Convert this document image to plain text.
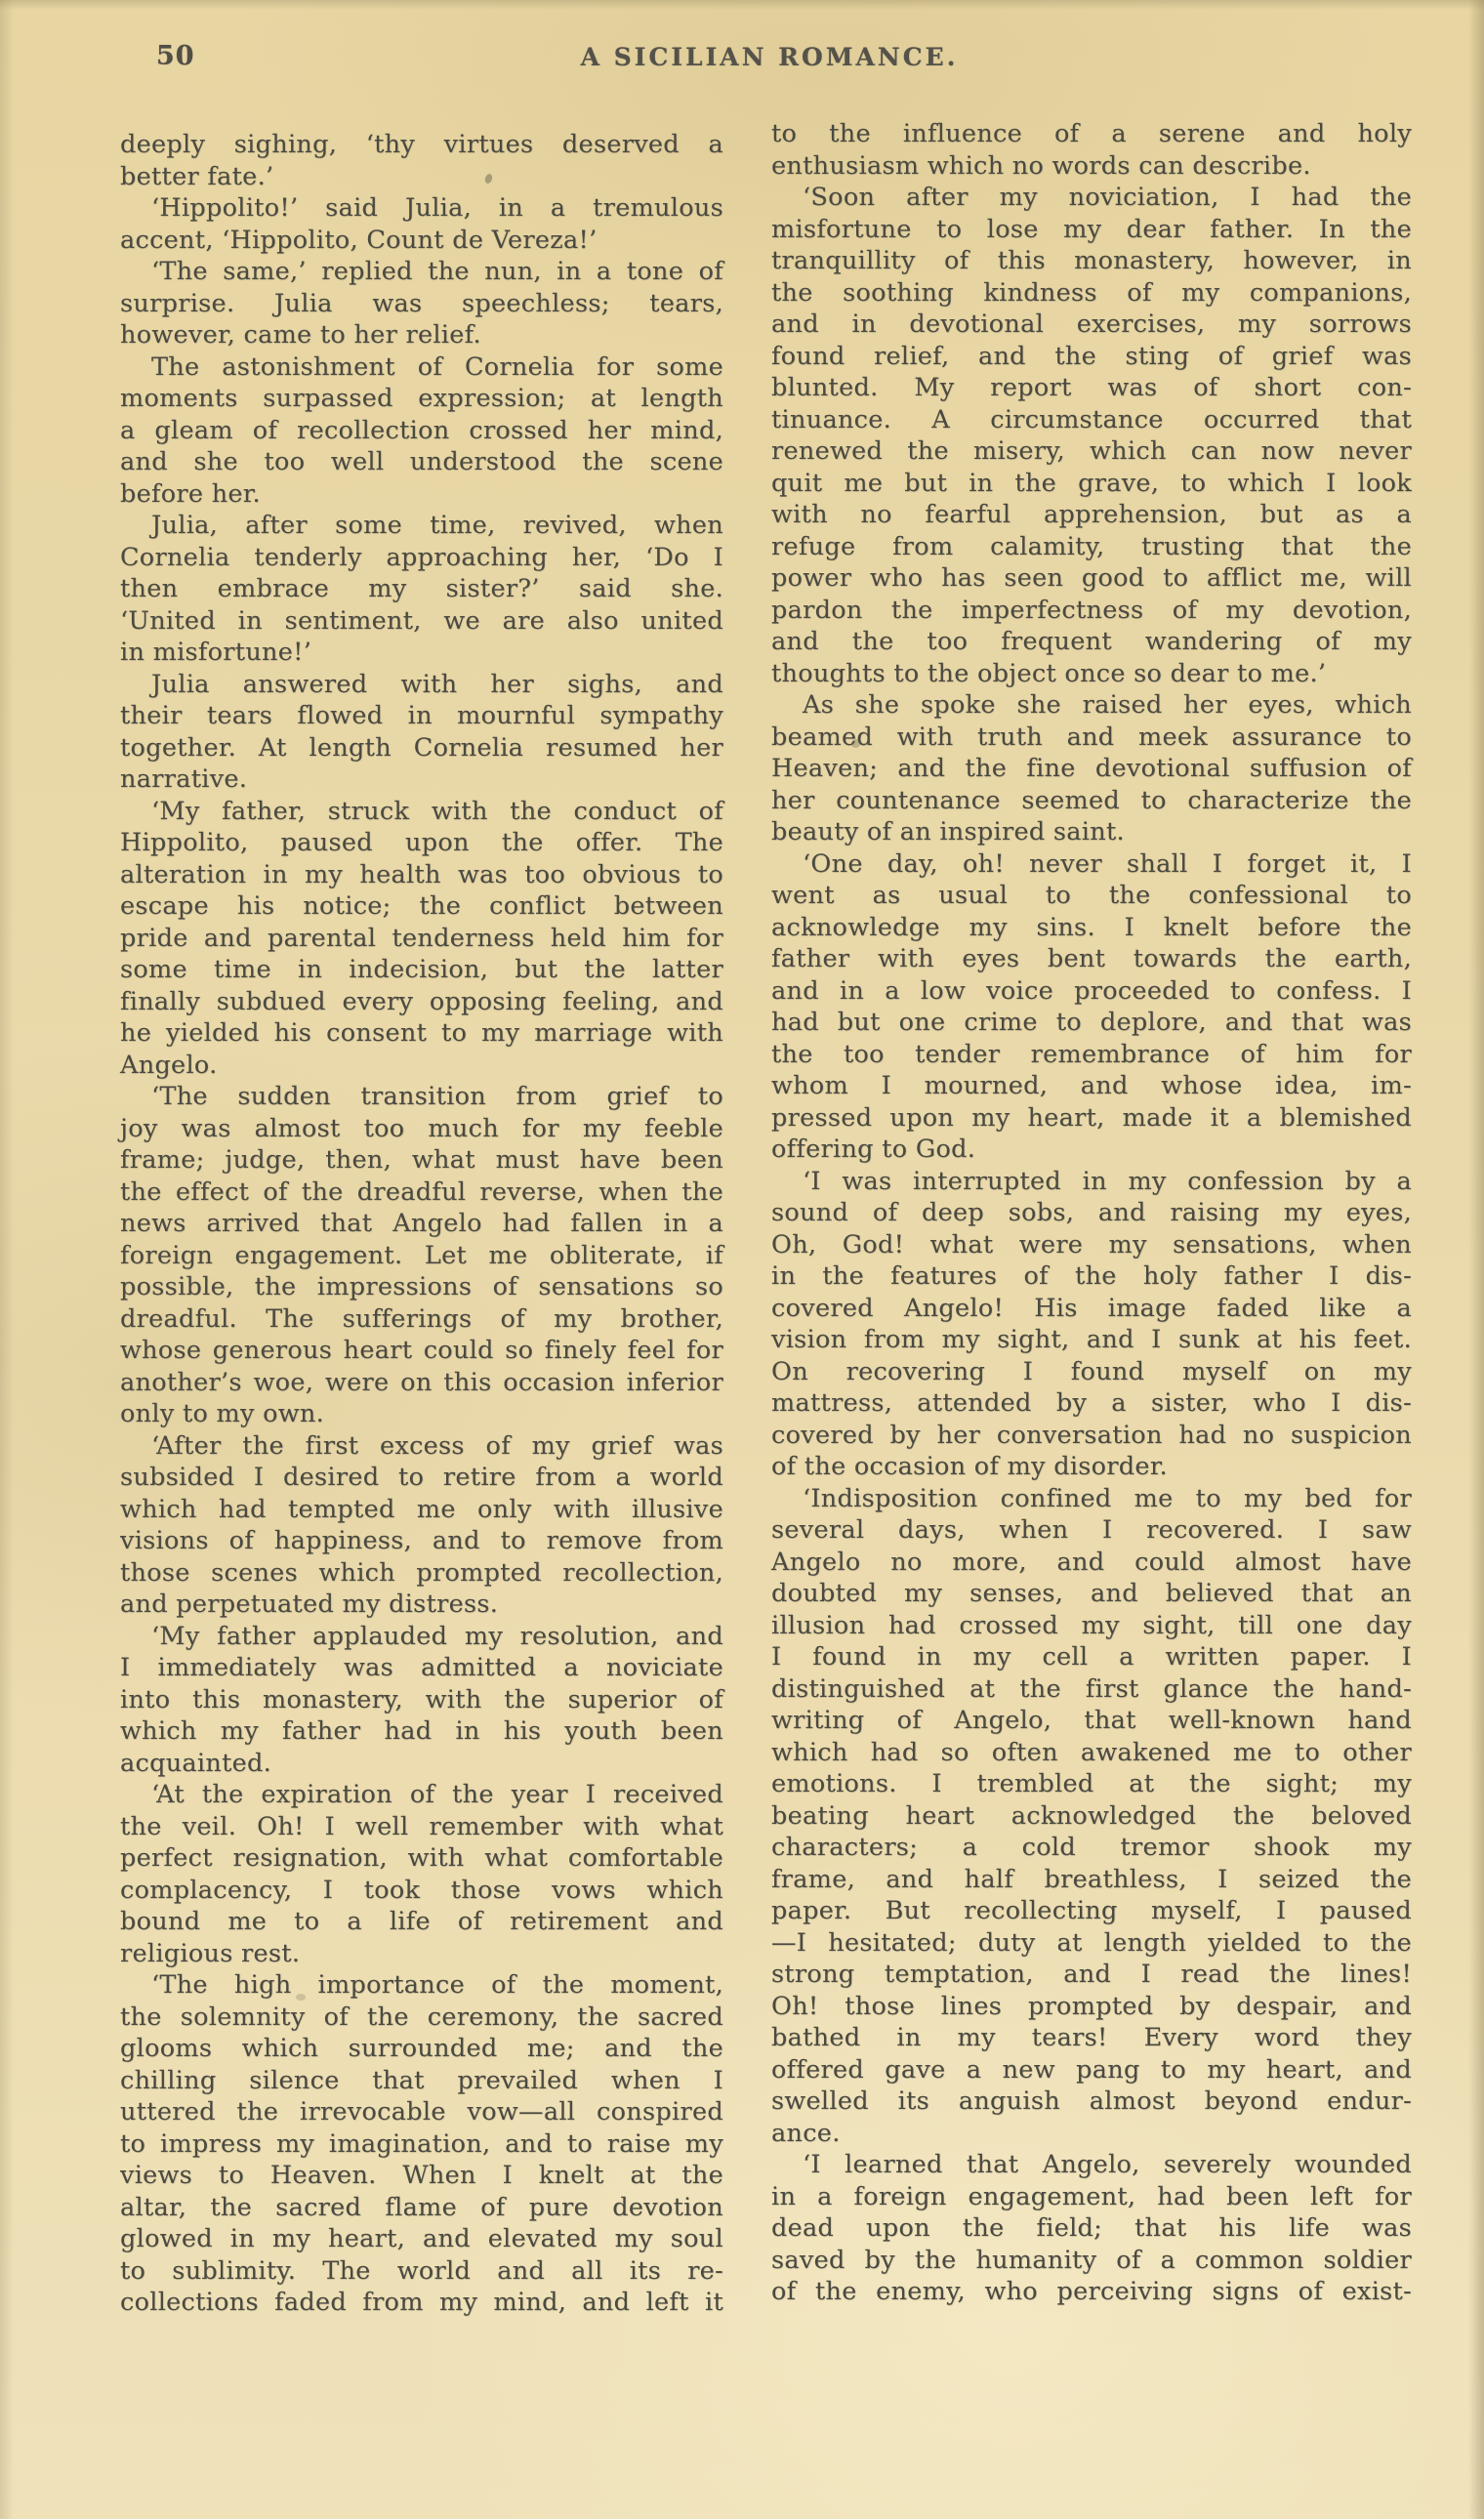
50	A SICILIAN ROMANCE.
deeply sighing, ‘thy virtues deserved a
better fate.’
‘Hippolito!’ said Julia, in a tremulous
accent, ‘Hippolito, Count de Vereza!’
‘The same,’ replied the nun, in a tone of
surprise. Julia was speechless; tears,
however, came to her relief.
The astonishment of Cornelia for some
moments surpassed expression; at length
a gleam of recollection crossed her mind,
and she too well understood the scene
before her.
Julia, after some time, revived, when
Cornelia tenderly approaching her, ‘Do I
then embrace my sister?’ said she.
‘United in sentiment, we are also united
in misfortune!’
Julia answered with her sighs, and
their tears flowed in mournful sympathy
together. At length Cornelia resumed her
narrative.
‘My father, struck with the conduct of
Hippolito, paused upon the offer. The
alteration in my health was too obvious to
escape his notice; the conflict between
pride and parental tenderness held him for
some time in indecision, but the latter
finally subdued every opposing feeling, and
he yielded his consent to my marriage with
Angelo.
‘The sudden transition from grief to
joy was almost too much for my feeble
frame; judge, then, what must have been
the effect of the dreadful reverse, when the
news arrived that Angelo had fallen in a
foreign engagement. Let me obliterate, if
possible, the impressions of sensations so
dreadful. The sufferings of my brother,
whose generous heart could so finely feel for
another’s woe, were on this occasion inferior
only to my own.
‘After the first excess of my grief was
subsided I desired to retire from a world
which had tempted me only with illusive
visions of happiness, and to remove from
those scenes which prompted recollection,
and perpetuated my distress.
‘My father applauded my resolution, and
I immediately was admitted a noviciate
into this monastery, with the superior of
which my father had in his youth been
acquainted.
‘At the expiration of the year I received
the veil. Oh! I well remember with what
perfect resignation, with what comfortable
complacency, I took those vows which
bound me to a life of retirement and
religious rest.
‘The high importance of the moment,
the solemnity of the ceremony, the sacred
glooms which surrounded me; and the
chilling silence that prevailed when I
uttered the irrevocable vow—all conspired
to impress my imagination, and to raise my
views to Heaven. When I knelt at the
altar, the sacred flame of pure devotion
glowed in my heart, and elevated my soul
to sublimity. The world and all its re-
collections faded from my mind, and left it
to the influence of a serene and holy
enthusiasm which no words can describe.
‘Soon after my noviciation, I had the
misfortune to lose my dear father. In the
tranquillity of this monastery, however, in
the soothing kindness of my companions,
and in devotional exercises, my sorrows
found relief, and the sting of grief was
blunted. My report was of short con-
tinuance. A circumstance occurred that
renewed the misery, which can now never
quit me but in the grave, to which I look
with no fearful apprehension, but as a
refuge from calamity, trusting that the
power who has seen good to afflict me, will
pardon the imperfectness of my devotion,
and the too frequent wandering of my
thoughts to the object once so dear to me.’
As she spoke she raised her eyes, which
beamed with truth and meek assurance to
Heaven; and the fine devotional suffusion of
her countenance seemed to characterize the
beauty of an inspired saint.
‘One day, oh! never shall I forget it, I
went as usual to the confessional to
acknowledge my sins. I knelt before the
father with eyes bent towards the earth,
and in a low voice proceeded to confess. I
had but one crime to deplore, and that was
the too tender remembrance of him for
whom I mourned, and whose idea, im-
pressed upon my heart, made it a blemished
offering to God.
‘I was interrupted in my confession by a
sound of deep sobs, and raising my eyes,
Oh, God! what were my sensations, when
in the features of the holy father I dis-
covered Angelo! His image faded like a
vision from my sight, and I sunk at his feet.
On recovering I found myself on my
mattress, attended by a sister, who I dis-
covered by her conversation had no suspicion
of the occasion of my disorder.
‘Indisposition confined me to my bed for
several days, when I recovered. I saw
Angelo no more, and could almost have
doubted my senses, and believed that an
illusion had crossed my sight, till one day
I found in my cell a written paper. I
distinguished at the first glance the hand-
writing of Angelo, that well-known hand
which had so often awakened me to other
emotions. I trembled at the sight; my
beating heart acknowledged the beloved
characters; a cold tremor shook my
frame, and half breathless, I seized the
paper. But recollecting myself, I paused
—I hesitated; duty at length yielded to the
strong temptation, and I read the lines!
Oh! those lines prompted by despair, and
bathed in my tears! Every word they
offered gave a new pang to my heart, and
swelled its anguish almost beyond endur-
ance.
‘I learned that Angelo, severely wounded
in a foreign engagement, had been left for
dead upon the field; that his life was
saved by the humanity of a common soldier
of the enemy, who perceiving signs of exist-
